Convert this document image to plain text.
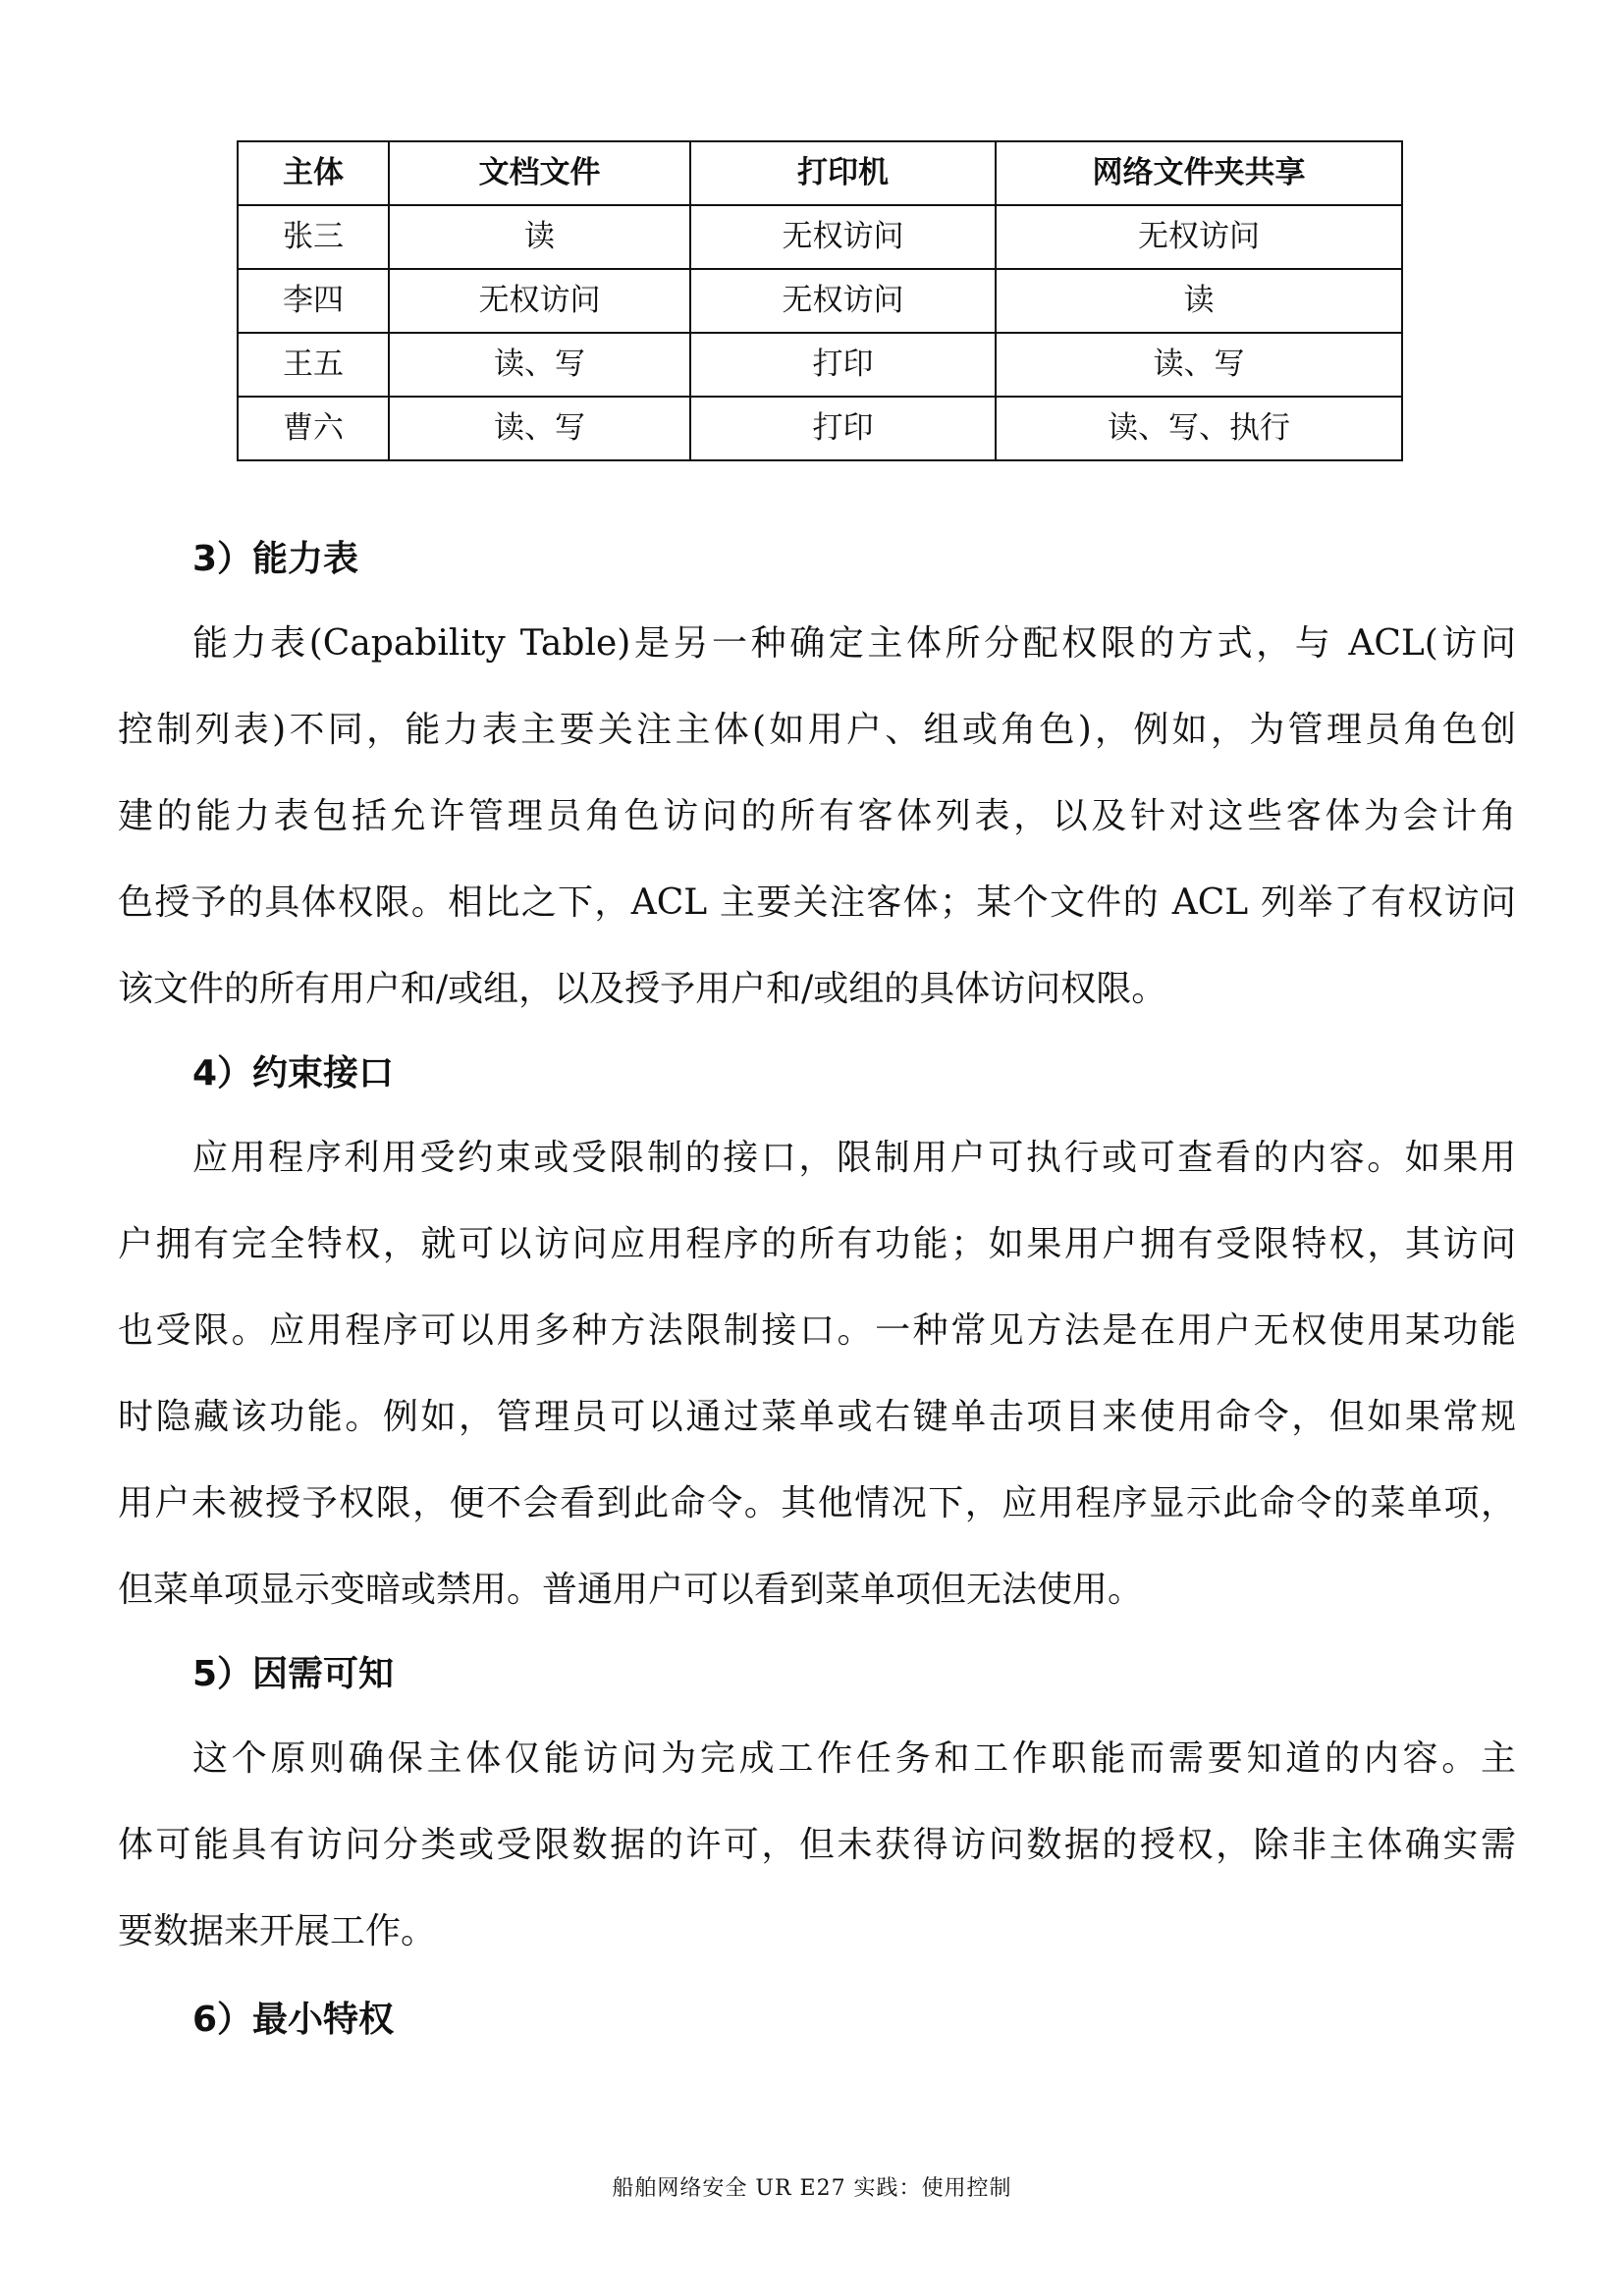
主体	文档文件	打印机	网络文件夹共享
张三	读	无权访问	无权访问
李四	无权访问	无权访问	读
王五	读、写	打印	读、写
曹六	读、写	打印	读、写、执行
3）能力表
能力表(Capability Table)是另一种确定主体所分配权限的方式，与 ACL(访问
控制列表)不同，能力表主要关注主体(如用户、组或角色)，例如，为管理员角色创
建的能力表包括允许管理员角色访问的所有客体列表，以及针对这些客体为会计角
色授予的具体权限。相比之下，ACL 主要关注客体；某个文件的 ACL 列举了有权访问
该文件的所有用户和/或组，以及授予用户和/或组的具体访问权限。
4）约束接口
应用程序利用受约束或受限制的接口，限制用户可执行或可查看的内容。如果用
户拥有完全特权，就可以访问应用程序的所有功能；如果用户拥有受限特权，其访问
也受限。应用程序可以用多种方法限制接口。一种常见方法是在用户无权使用某功能
时隐藏该功能。例如，管理员可以通过菜单或右键单击项目来使用命令，但如果常规
用户未被授予权限，便不会看到此命令。其他情况下，应用程序显示此命令的菜单项，
但菜单项显示变暗或禁用。普通用户可以看到菜单项但无法使用。
5）因需可知
这个原则确保主体仅能访问为完成工作任务和工作职能而需要知道的内容。主
体可能具有访问分类或受限数据的许可，但未获得访问数据的授权，除非主体确实需
要数据来开展工作。
6）最小特权
船舶网络安全 UR E27 实践：使用控制
